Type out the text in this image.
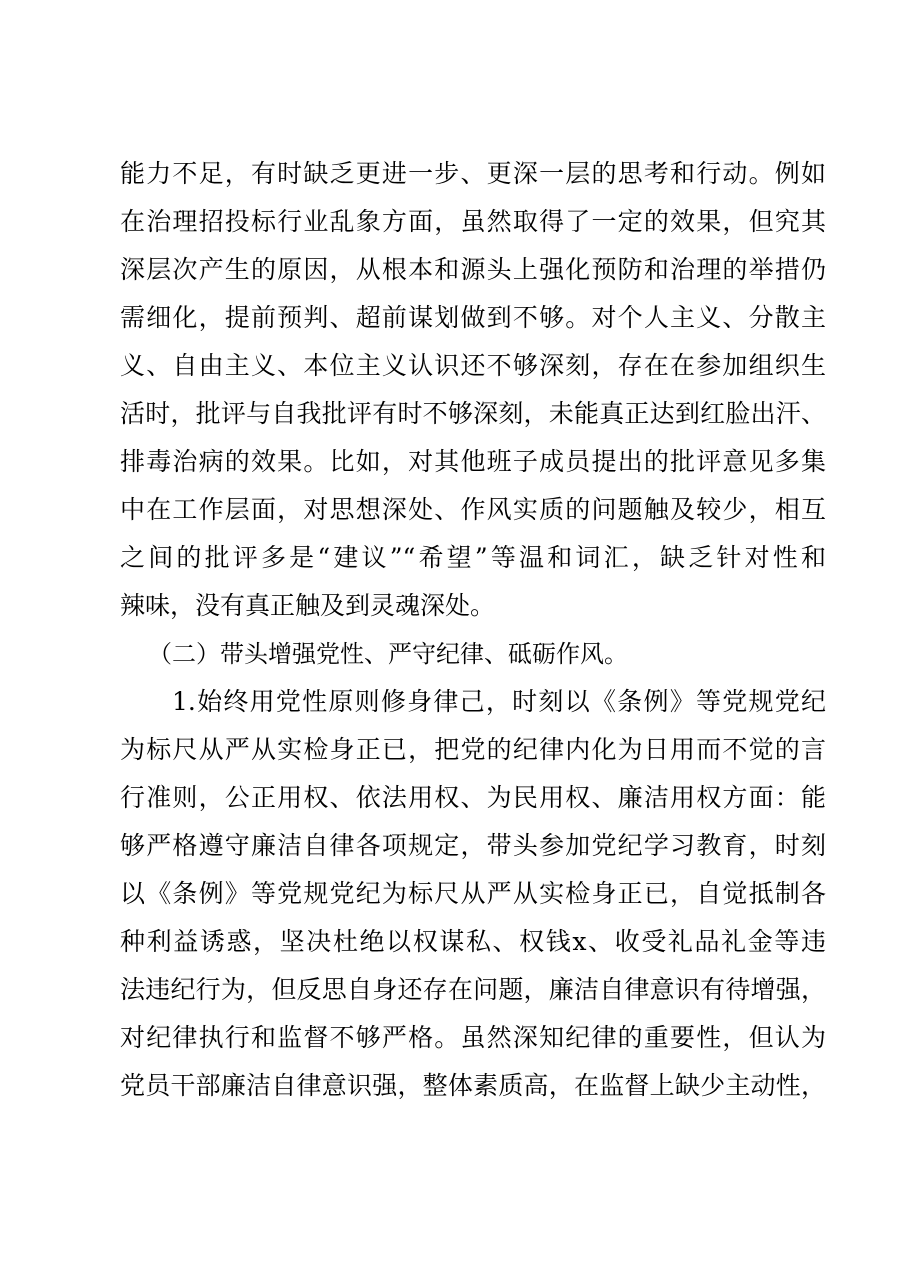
能力不足，有时缺乏更进一步、更深一层的思考和行动。例如
在治理招投标行业乱象方面，虽然取得了一定的效果，但究其
深层次产生的原因，从根本和源头上强化预防和治理的举措仍
需细化，提前预判、超前谋划做到不够。对个人主义、分散主
义、自由主义、本位主义认识还不够深刻，存在在参加组织生
活时，批评与自我批评有时不够深刻，未能真正达到红脸出汗、
排毒治病的效果。比如，对其他班子成员提出的批评意见多集
中在工作层面，对思想深处、作风实质的问题触及较少，相互
之间的批评多是“建议”“希望”等温和词汇，缺乏针对性和
辣味，没有真正触及到灵魂深处。
（二）带头增强党性、严守纪律、砥砺作风。
1.始终用党性原则修身律己，时刻以《条例》等党规党纪
为标尺从严从实检身正已，把党的纪律内化为日用而不觉的言
行准则，公正用权、依法用权、为民用权、廉洁用权方面：能
够严格遵守廉洁自律各项规定，带头参加党纪学习教育，时刻
以《条例》等党规党纪为标尺从严从实检身正已，自觉抵制各
种利益诱惑，坚决杜绝以权谋私、权钱x、收受礼品礼金等违
法违纪行为，但反思自身还存在问题，廉洁自律意识有待增强，
对纪律执行和监督不够严格。虽然深知纪律的重要性，但认为
党员干部廉洁自律意识强，整体素质高，在监督上缺少主动性，
